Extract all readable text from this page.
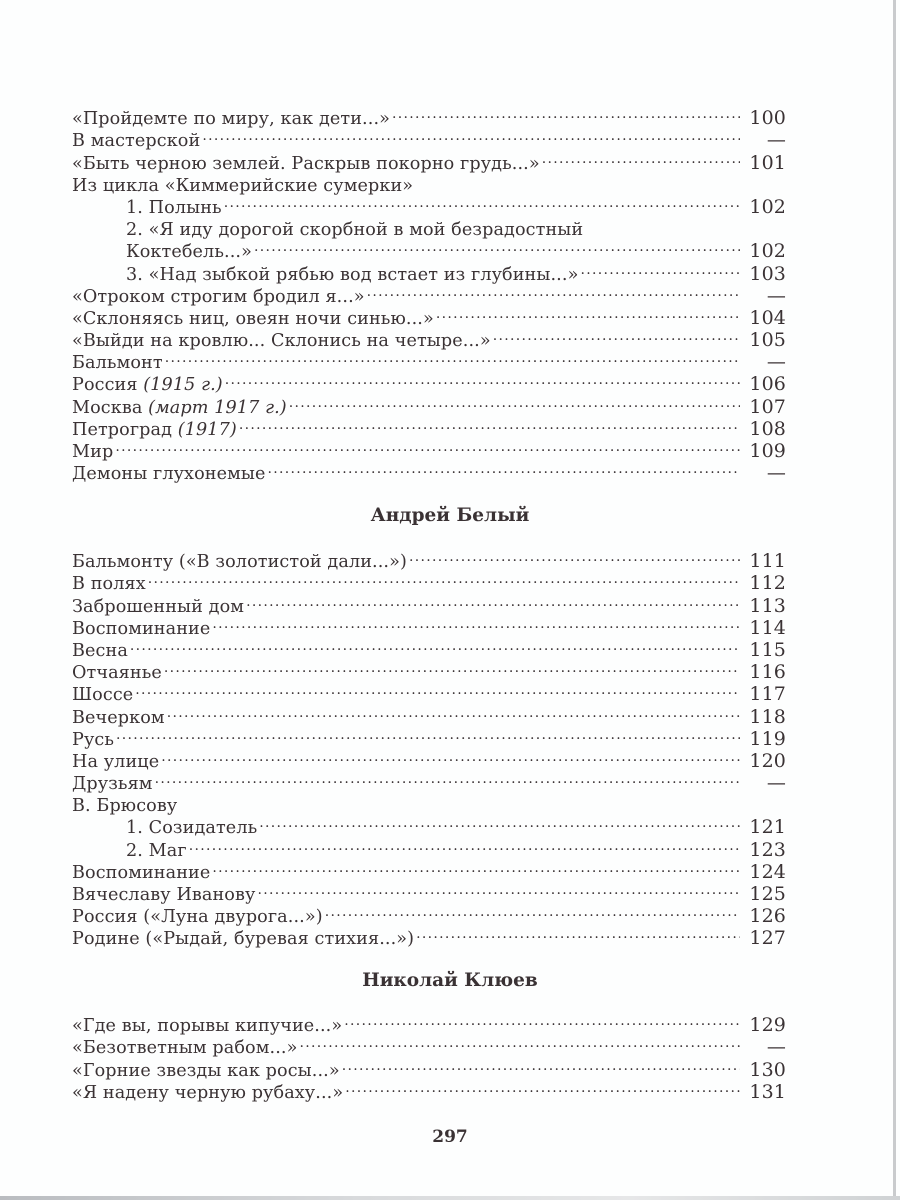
«Пройдемте по миру, как дети...» .....	100
В мастерской .....	—
«Быть черною землей. Раскрыв покорно грудь...» .....	101
Из цикла «Киммерийские сумерки»
1. Полынь .....	102
2. «Я иду дорогой скорбной в мой безрадостный
Коктебель...» .....	102
3. «Над зыбкой рябью вод встает из глубины...» .....	103
«Отроком строгим бродил я...» .....	—
«Склоняясь ниц, овеян ночи синью...» .....	104
«Выйди на кровлю... Склонись на четыре...» .....	105
Бальмонт .....	—
Россия (1915 г.) .....	106
Москва (март 1917 г.) .....	107
Петроград (1917) .....	108
Мир .....	109
Демоны глухонемые .....	—
Андрей Белый
Бальмонту («В золотистой дали...») .....	111
В полях .....	112
Заброшенный дом .....	113
Воспоминание .....	114
Весна .....	115
Отчаянье .....	116
Шоссе .....	117
Вечерком .....	118
Русь .....	119
На улице .....	120
Друзьям .....	—
В. Брюсову
1. Созидатель .....	121
2. Маг .....	123
Воспоминание .....	124
Вячеславу Иванову .....	125
Россия («Луна двурога...») .....	126
Родине («Рыдай, буревая стихия...») .....	127
Николай Клюев
«Где вы, порывы кипучие...» .....	129
«Безответным рабом...» .....	—
«Горние звезды как росы...» .....	130
«Я надену черную рубаху...» .....	131
297
